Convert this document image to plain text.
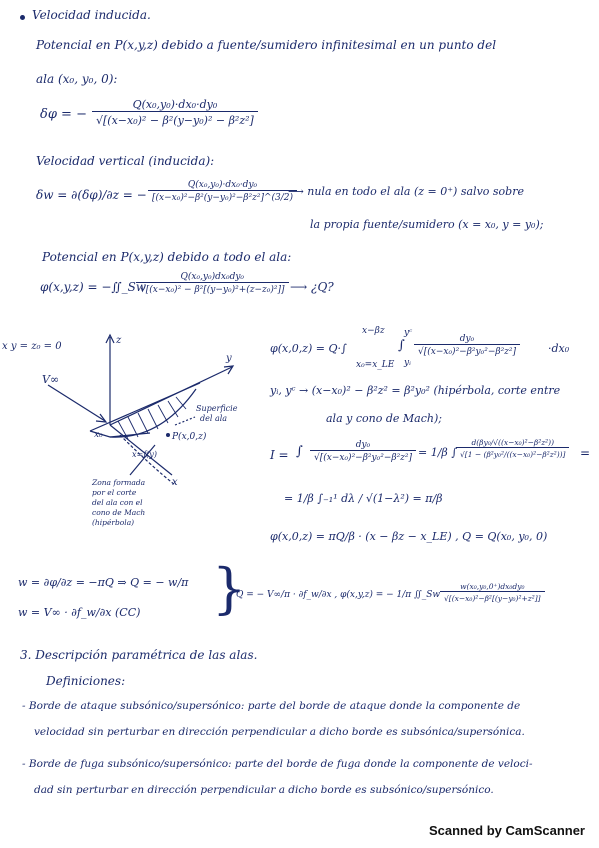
Velocidad inducida.
Potencial en P(x,y,z) debido a fuente/sumidero infinitesimal en un punto del
ala (x₀, y₀, 0):
δφ = − $\frac{\text{Q(x₀,y₀)·dx₀·dy₀}}{\text{√[(x−x₀)² − β²(y−y₀)² − β²z²]}}$
Velocidad vertical (inducida):
δw = ∂(δφ)/∂z = − $\frac{\text{Q(x₀,y₀)·dx₀·dy₀}}{\text{[(x−x₀)²−β²(y−y₀)²−β²z²]\textasciicircum{}(3/2)}}$
⟶ nula en todo el ala (z = 0⁺) salvo sobre
la propia fuente/sumidero (x = x₀, y = y₀);
Potencial en P(x,y,z) debido a todo el ala:
φ(x,y,z) = −∬_Sw
$\frac{\text{Q(x₀,y₀)dx₀dy₀}}{\text{√[(x−x₀)² − β²[(y−y₀)²+(z−z₀)²]]}}$ ⟶ ¿Q?
x y = z₀ = 0
V∞
z
y
x
x₀
x=f(y)
P(x,0,z)
Superficie
del ala
Zona formada
por el corte
del ala con el
cono de Mach
(hipérbola)
φ(x,0,z) = Q·∫
x−βz
x₀=x_LE
∫
yᶜ
yᵢ
$\frac{\text{dy₀}}{\text{√[(x−x₀)²−β²y₀²−β²z²]}}$	·dx₀
yᵢ, yᶜ → (x−x₀)² − β²z² = β²y₀² (hipérbola, corte entre
ala y cono de Mach);
I = ∫ $\frac{\text{dy₀}}{\text{√[(x−x₀)²−β²y₀²−β²z²]}} = 1/\beta$ ∫
$\frac{\text{d(βy₀/√((x−x₀)²−β²z²))}}{\text{√[1 − (β²y₀²/((x−x₀)²−β²z²))]}}$ =
= 1/β ∫₋₁¹ dλ / √(1−λ²) = π/β
φ(x,0,z) = πQ/β · (x − βz − x_LE) , Q = Q(x₀, y₀, 0)
w = ∂φ/∂z = −πQ ⇒ Q = − w/π
w = V∞ · ∂f_w/∂x (CC) }
Q = − V∞/π · ∂f_w/∂x , φ(x,y,z) = − 1/π ∬_Sw $\frac{\text{w(x₀,y₀,0⁺)dx₀dy₀}}{\text{√[(x−x₀)²−β²[(y−y₀)²+z²]]}}$
3. Descripción paramétrica de las alas.
Definiciones:
- Borde de ataque subsónico/supersónico: parte del borde de ataque donde la componente de
velocidad sin perturbar en dirección perpendicular a dicho borde es subsónica/supersónica.
- Borde de fuga subsónico/supersónico: parte del borde de fuga donde la componente de veloci-
dad sin perturbar en dirección perpendicular a dicho borde es subsónico/supersónico.
Scanned by CamScanner
